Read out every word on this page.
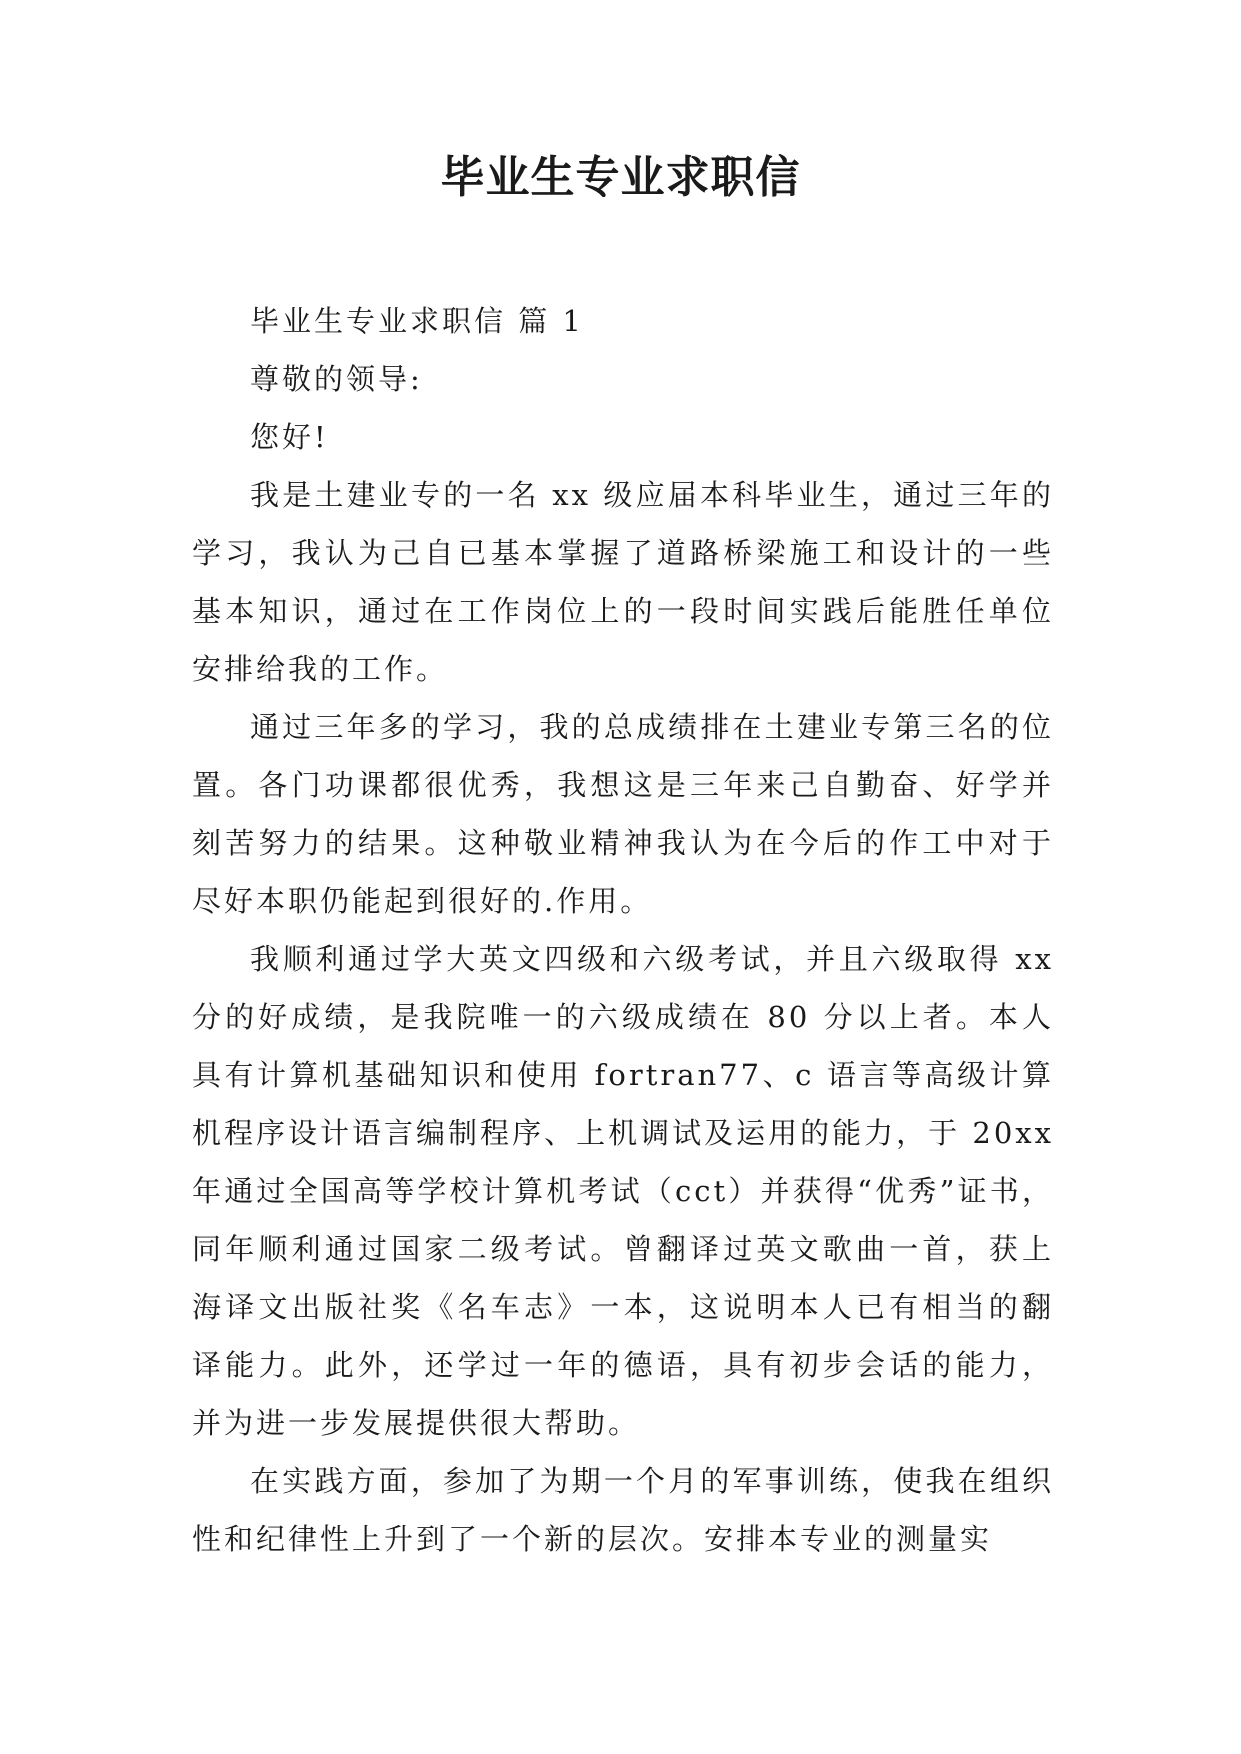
毕业生专业求职信

毕业生专业求职信 篇 1

尊敬的领导:

您好!

我是土建业专的一名 xx 级应届本科毕业生，通过三年的学习，我认为己自已基本掌握了道路桥梁施工和设计的一些基本知识，通过在工作岗位上的一段时间实践后能胜任单位安排给我的工作。

通过三年多的学习，我的总成绩排在土建业专第三名的位置。各门功课都很优秀，我想这是三年来己自勤奋、好学并刻苦努力的结果。这种敬业精神我认为在今后的作工中对于尽好本职仍能起到很好的.作用。

我顺利通过学大英文四级和六级考试，并且六级取得 xx分的好成绩，是我院唯一的六级成绩在 80 分以上者。本人具有计算机基础知识和使用 fortran77、c 语言等高级计算机程序设计语言编制程序、上机调试及运用的能力，于 20xx年通过全国高等学校计算机考试（cct）并获得“优秀”证书，同年顺利通过国家二级考试。曾翻译过英文歌曲一首，获上海译文出版社奖《名车志》一本，这说明本人已有相当的翻译能力。此外，还学过一年的德语，具有初步会话的能力，并为进一步发展提供很大帮助。

在实践方面，参加了为期一个月的军事训练，使我在组织性和纪律性上升到了一个新的层次。安排本专业的测量实
